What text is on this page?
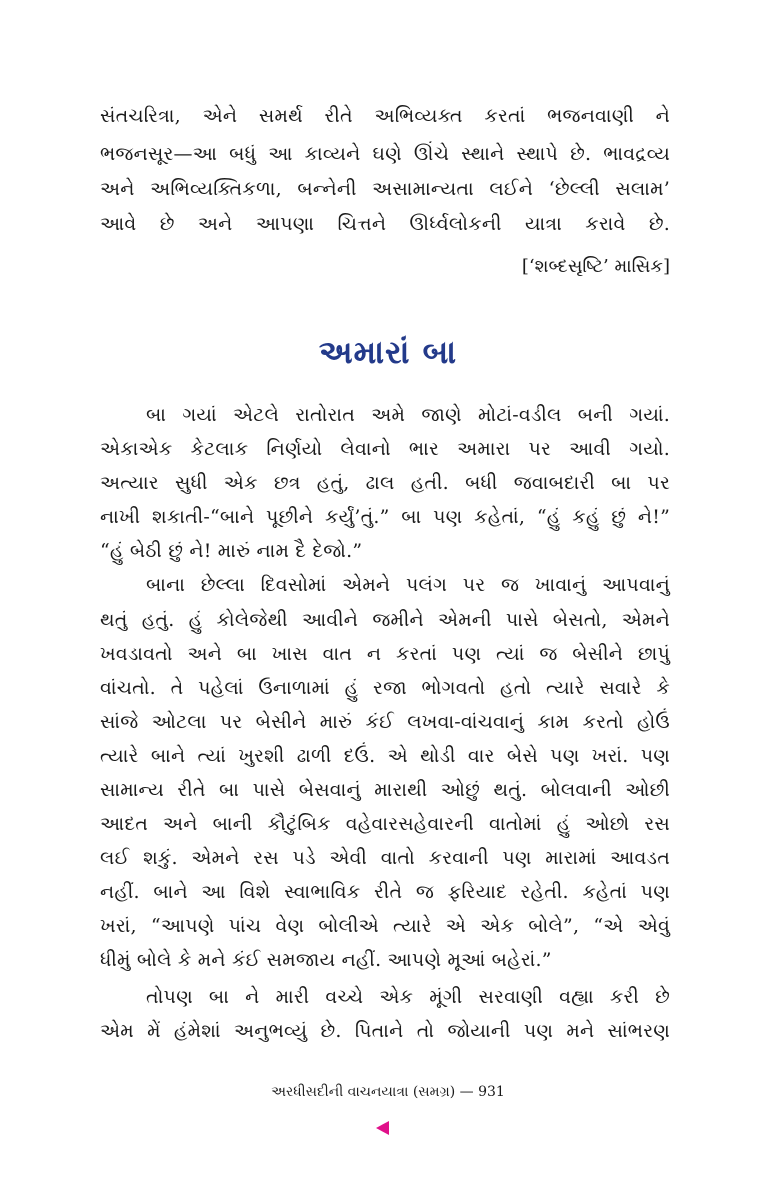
સંતચરિત્રા, એને સમર્થ રીતે અભિવ્યક્ત કરતાં ભજનવાણી ને
ભજનસૂર—આ બધું આ કાવ્યને ઘણે ઊંચે સ્થાને સ્થાપે છે. ભાવદ્રવ્ય
અને અભિવ્યક્તિકળા, બન્નેની અસામાન્યતા લઈને ‘છેલ્લી સલામ’
આવે છે અને આપણા ચિત્તને ઊર્ધ્વલોકની યાત્રા કરાવે છે.
[‘શબ્દસૃષ્ટિ’ માસિક]
અમારાં બા
બા ગયાં એટલે રાતોરાત અમે જાણે મોટાં-વડીલ બની ગયાં.
એકાએક કેટલાક નિર્ણયો લેવાનો ભાર અમારા પર આવી ગયો.
અત્યાર સુધી એક છત્ર હતું, ઢાલ હતી. બધી જવાબદારી બા પર
નાખી શકાતી-“બાને પૂછીને કર્યું’તું.” બા પણ કહેતાં, “હું કહું છું ને!”
“હું બેઠી છું ને! મારું નામ દૈ દેજો.”
બાના છેલ્લા દિવસોમાં એમને પલંગ પર જ ખાવાનું આપવાનું
થતું હતું. હું કોલેજેથી આવીને જમીને એમની પાસે બેસતો, એમને
ખવડાવતો અને બા ખાસ વાત ન કરતાં પણ ત્યાં જ બેસીને છાપું
વાંચતો. તે પહેલાં ઉનાળામાં હું રજા ભોગવતો હતો ત્યારે સવારે કે
સાંજે ઓટલા પર બેસીને મારું કંઈ લખવા-વાંચવાનું કામ કરતો હોઉં
ત્યારે બાને ત્યાં ખુરશી ઢાળી દઉં. એ થોડી વાર બેસે પણ ખરાં. પણ
સામાન્ય રીતે બા પાસે બેસવાનું મારાથી ઓછું થતું. બોલવાની ઓછી
આદત અને બાની કૌટુંબિક વહેવારસહેવારની વાતોમાં હું ઓછો રસ
લઈ શકું. એમને રસ પડે એવી વાતો કરવાની પણ મારામાં આવડત
નહીં. બાને આ વિશે સ્વાભાવિક રીતે જ ફરિયાદ રહેતી. કહેતાં પણ
ખરાં, “આપણે પાંચ વેણ બોલીએ ત્યારે એ એક બોલે”, “એ એવું
ધીમું બોલે કે મને કંઈ સમજાય નહીં. આપણે મૂઆં બહેરાં.”
તોપણ બા ને મારી વચ્ચે એક મૂંગી સરવાણી વહ્યા કરી છે
એમ મેં હંમેશાં અનુભવ્યું છે. પિતાને તો જોયાની પણ મને સાંભરણ
અરધીસદીની વાચનયાત્રા (સમગ્ર) — 931
